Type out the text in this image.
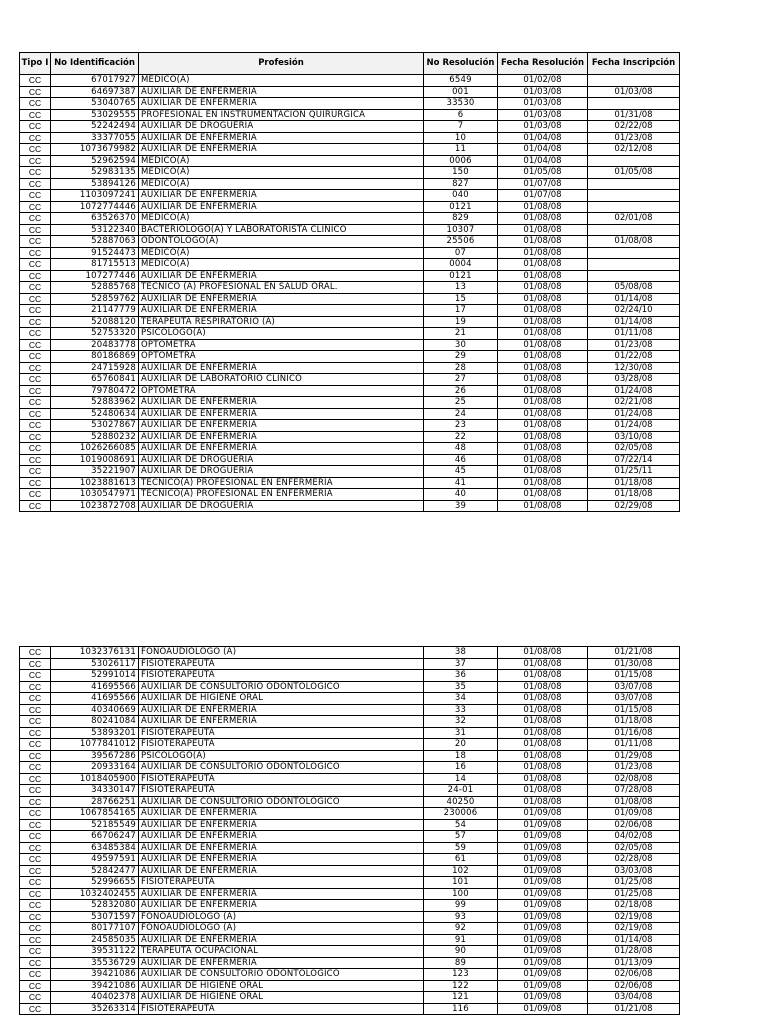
Tipo I	No Identificación	Profesión	No Resolución	Fecha Resolución	Fecha Inscripción
CC	67017927	MEDICO(A)	6549	01/02/08	
CC	64697387	AUXILIAR DE ENFERMERIA	001	01/03/08	01/03/08
CC	53040765	AUXILIAR DE ENFERMERIA	33530	01/03/08	
CC	53029555	PROFESIONAL EN INSTRUMENTACION QUIRURGICA	6	01/03/08	01/31/08
CC	52242494	AUXILIAR DE DROGUERIA	7	01/03/08	02/22/08
CC	33377055	AUXILIAR DE ENFERMERIA	10	01/04/08	01/23/08
CC	1073679982	AUXILIAR DE ENFERMERIA	11	01/04/08	02/12/08
CC	52962594	MEDICO(A)	0006	01/04/08	
CC	52983135	MEDICO(A)	150	01/05/08	01/05/08
CC	53894126	MEDICO(A)	827	01/07/08	
CC	1103097241	AUXILIAR DE ENFERMERIA	040	01/07/08	
CC	1072774446	AUXILIAR DE ENFERMERIA	0121	01/08/08	
CC	63526370	MEDICO(A)	829	01/08/08	02/01/08
CC	53122340	BACTERIOLOGO(A) Y LABORATORISTA CLINICO	10307	01/08/08	
CC	52887063	ODONTOLOGO(A)	25506	01/08/08	01/08/08
CC	91524473	MEDICO(A)	07	01/08/08	
CC	81715513	MEDICO(A)	0004	01/08/08	
CC	107277446	AUXILIAR DE ENFERMERIA	0121	01/08/08	
CC	52885768	TECNICO (A) PROFESIONAL EN SALUD ORAL.	13	01/08/08	05/08/08
CC	52859762	AUXILIAR DE ENFERMERIA	15	01/08/08	01/14/08
CC	21147779	AUXILIAR DE ENFERMERIA	17	01/08/08	02/24/10
CC	52088120	TERAPEUTA RESPIRATORIO (A)	19	01/08/08	01/14/08
CC	52753320	PSICOLOGO(A)	21	01/08/08	01/11/08
CC	20483778	OPTOMETRA	30	01/08/08	01/23/08
CC	80186869	OPTOMETRA	29	01/08/08	01/22/08
CC	24715928	AUXILIAR DE ENFERMERIA	28	01/08/08	12/30/08
CC	65760841	AUXILIAR DE LABORATORIO CLINICO	27	01/08/08	03/28/08
CC	79780472	OPTOMETRA	26	01/08/08	01/24/08
CC	52883962	AUXILIAR DE ENFERMERIA	25	01/08/08	02/21/08
CC	52480634	AUXILIAR DE ENFERMERIA	24	01/08/08	01/24/08
CC	53027867	AUXILIAR DE ENFERMERIA	23	01/08/08	01/24/08
CC	52880232	AUXILIAR DE ENFERMERIA	22	01/08/08	03/10/08
CC	1026266085	AUXILIAR DE ENFERMERIA	48	01/08/08	02/05/08
CC	1019008691	AUXILIAR DE DROGUERIA	46	01/08/08	07/22/14
CC	35221907	AUXILIAR DE DROGUERIA	45	01/08/08	01/25/11
CC	1023881613	TECNICO(A) PROFESIONAL EN ENFERMERIA	41	01/08/08	01/18/08
CC	1030547971	TECNICO(A) PROFESIONAL EN ENFERMERIA	40	01/08/08	01/18/08
CC	1023872708	AUXILIAR DE DROGUERIA	39	01/08/08	02/29/08
CC	1032376131	FONOAUDIOLOGO (A)	38	01/08/08	01/21/08
CC	53026117	FISIOTERAPEUTA	37	01/08/08	01/30/08
CC	52991014	FISIOTERAPEUTA	36	01/08/08	01/15/08
CC	41695566	AUXILIAR DE CONSULTORIO ODONTOLOGICO	35	01/08/08	03/07/08
CC	41695566	AUXILIAR DE HIGIENE ORAL	34	01/08/08	03/07/08
CC	40340669	AUXILIAR DE ENFERMERIA	33	01/08/08	01/15/08
CC	80241084	AUXILIAR DE ENFERMERIA	32	01/08/08	01/18/08
CC	53893201	FISIOTERAPEUTA	31	01/08/08	01/16/08
CC	1077841012	FISIOTERAPEUTA	20	01/08/08	01/11/08
CC	39567286	PSICOLOGO(A)	18	01/08/08	01/29/08
CC	20933164	AUXILIAR DE CONSULTORIO ODONTOLOGICO	16	01/08/08	01/23/08
CC	1018405900	FISIOTERAPEUTA	14	01/08/08	02/08/08
CC	34330147	FISIOTERAPEUTA	24-01	01/08/08	07/28/08
CC	28766251	AUXILIAR DE CONSULTORIO ODONTOLOGICO	40250	01/08/08	01/08/08
CC	1067854165	AUXILIAR DE ENFERMERIA	230006	01/09/08	01/09/08
CC	52185549	AUXILIAR DE ENFERMERIA	54	01/09/08	02/06/08
CC	66706247	AUXILIAR DE ENFERMERIA	57	01/09/08	04/02/08
CC	63485384	AUXILIAR DE ENFERMERIA	59	01/09/08	02/05/08
CC	49597591	AUXILIAR DE ENFERMERIA	61	01/09/08	02/28/08
CC	52842477	AUXILIAR DE ENFERMERIA	102	01/09/08	03/03/08
CC	52996655	FISIOTERAPEUTA	101	01/09/08	01/25/08
CC	1032402455	AUXILIAR DE ENFERMERIA	100	01/09/08	01/25/08
CC	52832080	AUXILIAR DE ENFERMERIA	99	01/09/08	02/18/08
CC	53071597	FONOAUDIOLOGO (A)	93	01/09/08	02/19/08
CC	80177107	FONOAUDIOLOGO (A)	92	01/09/08	02/19/08
CC	24585035	AUXILIAR DE ENFERMERIA	91	01/09/08	01/14/08
CC	39531122	TERAPEUTA OCUPACIONAL	90	01/09/08	01/28/08
CC	35536729	AUXILIAR DE ENFERMERIA	89	01/09/08	01/13/09
CC	39421086	AUXILIAR DE CONSULTORIO ODONTOLOGICO	123	01/09/08	02/06/08
CC	39421086	AUXILIAR DE HIGIENE ORAL	122	01/09/08	02/06/08
CC	40402378	AUXILIAR DE HIGIENE ORAL	121	01/09/08	03/04/08
CC	35263314	FISIOTERAPEUTA	116	01/09/08	01/21/08
